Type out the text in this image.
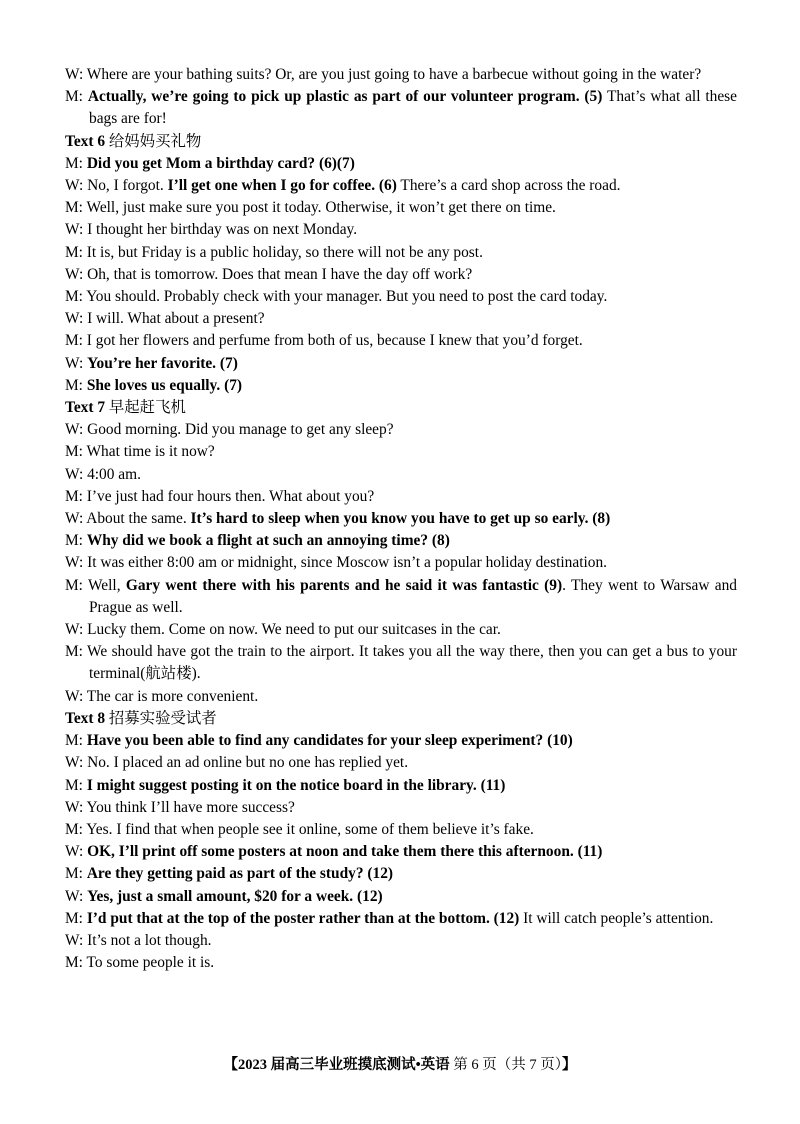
W: Where are your bathing suits? Or, are you just going to have a barbecue without going in the water?
M: Actually, we’re going to pick up plastic as part of our volunteer program. (5) That’s what all these bags are for!
Text 6 给妈妈买礼物
M: Did you get Mom a birthday card? (6)(7)
W: No, I forgot. I’ll get one when I go for coffee. (6) There’s a card shop across the road.
M: Well, just make sure you post it today. Otherwise, it won’t get there on time.
W: I thought her birthday was on next Monday.
M: It is, but Friday is a public holiday, so there will not be any post.
W: Oh, that is tomorrow. Does that mean I have the day off work?
M: You should. Probably check with your manager. But you need to post the card today.
W: I will. What about a present?
M: I got her flowers and perfume from both of us, because I knew that you’d forget.
W: You’re her favorite. (7)
M: She loves us equally. (7)
Text 7 早起赶飞机
W: Good morning. Did you manage to get any sleep?
M: What time is it now?
W: 4:00 am.
M: I’ve just had four hours then. What about you?
W: About the same. It’s hard to sleep when you know you have to get up so early. (8)
M: Why did we book a flight at such an annoying time? (8)
W: It was either 8:00 am or midnight, since Moscow isn’t a popular holiday destination.
M: Well, Gary went there with his parents and he said it was fantastic (9). They went to Warsaw and Prague as well.
W: Lucky them. Come on now. We need to put our suitcases in the car.
M: We should have got the train to the airport. It takes you all the way there, then you can get a bus to your terminal(航站楼).
W: The car is more convenient.
Text 8 招募实验受试者
M: Have you been able to find any candidates for your sleep experiment? (10)
W: No. I placed an ad online but no one has replied yet.
M: I might suggest posting it on the notice board in the library. (11)
W: You think I’ll have more success?
M: Yes. I find that when people see it online, some of them believe it’s fake.
W: OK, I’ll print off some posters at noon and take them there this afternoon. (11)
M: Are they getting paid as part of the study? (12)
W: Yes, just a small amount, $20 for a week. (12)
M: I’d put that at the top of the poster rather than at the bottom. (12) It will catch people’s attention.
W: It’s not a lot though.
M: To some people it is.
【2023 届高三毕业班摸底测试•英语 第 6 页（共 7 页）】
